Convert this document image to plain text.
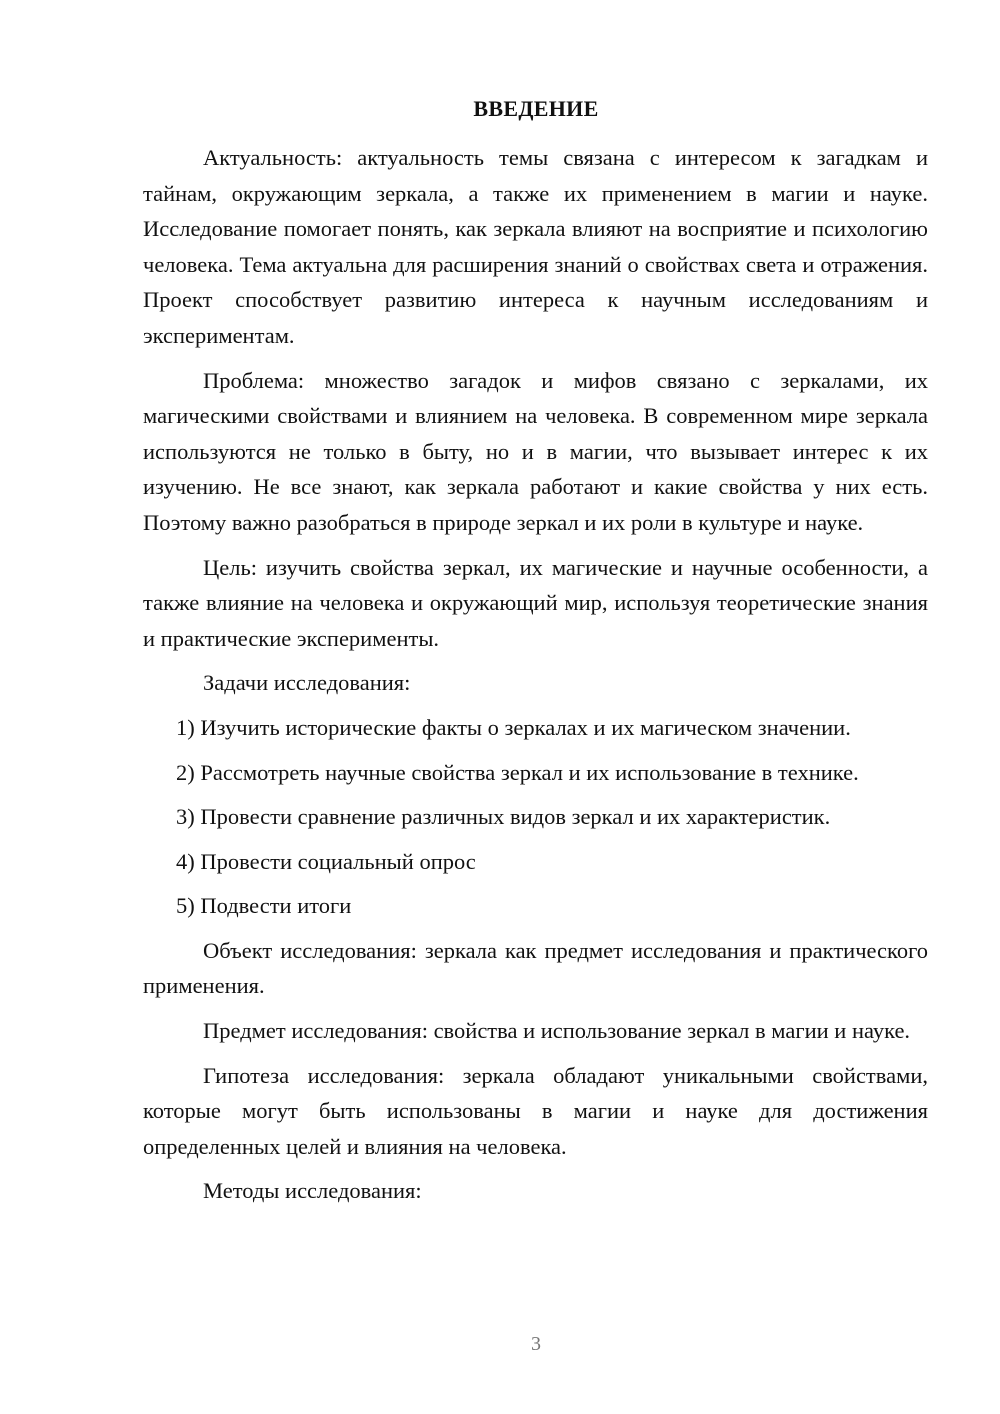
ВВЕДЕНИЕ

Актуальность: актуальность темы связана с интересом к загадкам и тайнам, окружающим зеркала, а также их применением в магии и науке. Исследование помогает понять, как зеркала влияют на восприятие и психологию человека. Тема актуальна для расширения знаний о свойствах света и отражения. Проект способствует развитию интереса к научным исследованиям и экспериментам.

Проблема: множество загадок и мифов связано с зеркалами, их магическими свойствами и влиянием на человека. В современном мире зеркала используются не только в быту, но и в магии, что вызывает интерес к их изучению. Не все знают, как зеркала работают и какие свойства у них есть. Поэтому важно разобраться в природе зеркал и их роли в культуре и науке.

Цель: изучить свойства зеркал, их магические и научные особенности, а также влияние на человека и окружающий мир, используя теоретические знания и практические эксперименты.

Задачи исследования:

1) Изучить исторические факты о зеркалах и их магическом значении.
2) Рассмотреть научные свойства зеркал и их использование в технике.
3) Провести сравнение различных видов зеркал и их характеристик.
4) Провести социальный опрос
5) Подвести итоги

Объект исследования: зеркала как предмет исследования и практического применения.

Предмет исследования: свойства и использование зеркал в магии и науке.

Гипотеза исследования: зеркала обладают уникальными свойствами, которые могут быть использованы в магии и науке для достижения определенных целей и влияния на человека.

Методы исследования:

3
